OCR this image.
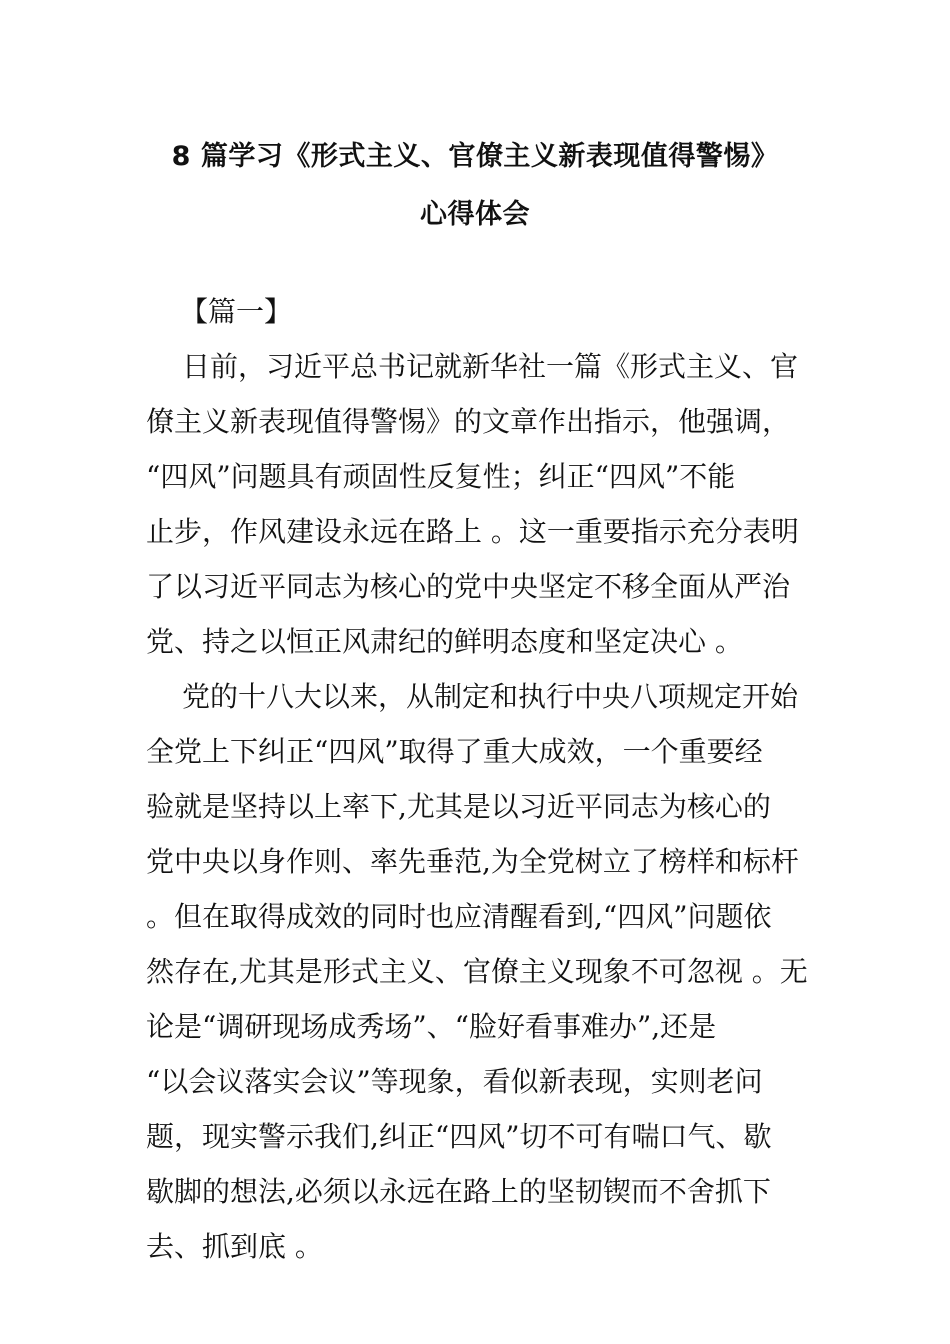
8 篇学习《形式主义、官僚主义新表现值得警惕》
心得体会
【篇一】
日前，习近平总书记就新华社一篇《形式主义、官
僚主义新表现值得警惕》的文章作出指示，他强调，
“四风”问题具有顽固性反复性；纠正“四风”不能
止步，作风建设永远在路上 。这一重要指示充分表明
了以习近平同志为核心的党中央坚定不移全面从严治
党、持之以恒正风肃纪的鲜明态度和坚定决心 。
党的十八大以来，从制定和执行中央八项规定开始
全党上下纠正“四风”取得了重大成效，一个重要经
验就是坚持以上率下,尤其是以习近平同志为核心的
党中央以身作则、率先垂范,为全党树立了榜样和标杆
。但在取得成效的同时也应清醒看到,“四风”问题依
然存在,尤其是形式主义、官僚主义现象不可忽视 。无
论是“调研现场成秀场”、“脸好看事难办”,还是
“以会议落实会议”等现象，看似新表现，实则老问
题，现实警示我们,纠正“四风”切不可有喘口气、歇
歇脚的想法,必须以永远在路上的坚韧锲而不舍抓下
去、抓到底 。
